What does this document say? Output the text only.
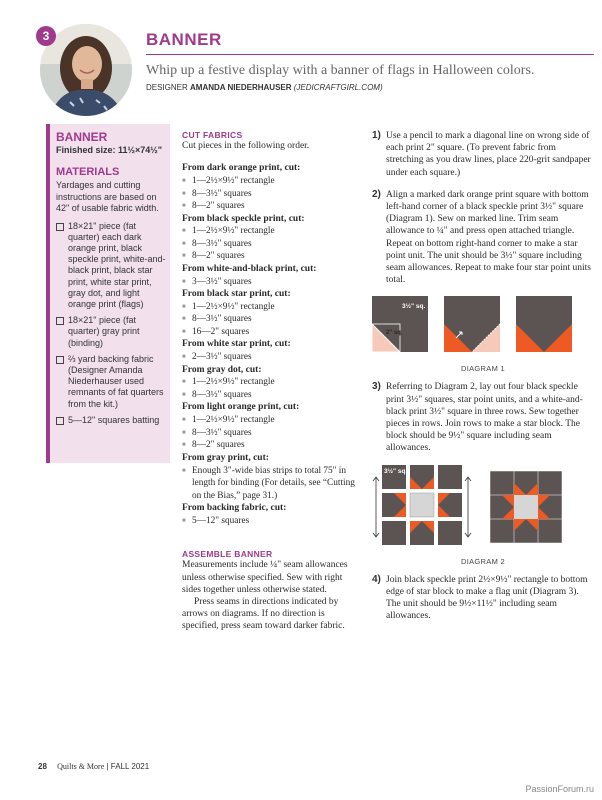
3	BANNER
Whip up a festive display with a banner of flags in Halloween colors.
DESIGNER AMANDA NIEDERHAUSER (JEDICRAFTGIRL.COM)
BANNER
Finished size: 11½×74½"
MATERIALS
Yardages and cutting instructions are based on 42" of usable fabric width.
18×21" piece (fat quarter) each dark orange print, black speckle print, white-and-black print, black star print, white star print, gray dot, and light orange print (flags)
18×21" piece (fat quarter) gray print (binding)
⅔ yard backing fabric (Designer Amanda Niederhauser used remnants of fat quarters from the kit.)
5—12" squares batting
CUT FABRICS
Cut pieces in the following order.
From dark orange print, cut:
■ 1—2½×9½" rectangle
■ 8—3½" squares
■ 8—2" squares
From black speckle print, cut:
■ 1—2½×9½" rectangle
■ 8—3½" squares
■ 8—2" squares
From white-and-black print, cut:
■ 3—3½" squares
From black star print, cut:
■ 1—2½×9½" rectangle
■ 8—3½" squares
■ 16—2" squares
From white star print, cut:
■ 2—3½" squares
From gray dot, cut:
■ 1—2½×9½" rectangle
■ 8—3½" squares
From light orange print, cut:
■ 1—2½×9½" rectangle
■ 8—3½" squares
■ 8—2" squares
From gray print, cut:
■ Enough 3"-wide bias strips to total 75" in length for binding (For details, see “Cutting on the Bias,” page 31.)
From backing fabric, cut:
■ 5—12" squares
ASSEMBLE BANNER
Measurements include ¼" seam allowances unless otherwise specified. Sew with right sides together unless otherwise stated.
Press seams in directions indicated by arrows on diagrams. If no direction is specified, press seam toward darker fabric.
1) Use a pencil to mark a diagonal line on wrong side of each print 2" square. (To prevent fabric from stretching as you draw lines, place 220-grit sandpaper under each square.)
2) Align a marked dark orange print square with bottom left-hand corner of a black speckle print 3½" square (Diagram 1). Sew on marked line. Trim seam allowance to ¼" and press open attached triangle. Repeat on bottom right-hand corner to make a star point unit. The unit should be 3½" square including seam allowances. Repeat to make four star point units total.
3½" sq.
2" sq.
DIAGRAM 1
3) Referring to Diagram 2, lay out four black speckle print 3½" squares, star point units, and a white-and-black print 3½" square in three rows. Sew together pieces in rows. Join rows to make a star block. The block should be 9½" square including seam allowances.
3½" sq.
DIAGRAM 2
4) Join black speckle print 2½×9½" rectangle to bottom edge of star block to make a flag unit (Diagram 3). The unit should be 9½×11½" including seam allowances.
28 Quilts & More | FALL 2021
PassionForum.ru
